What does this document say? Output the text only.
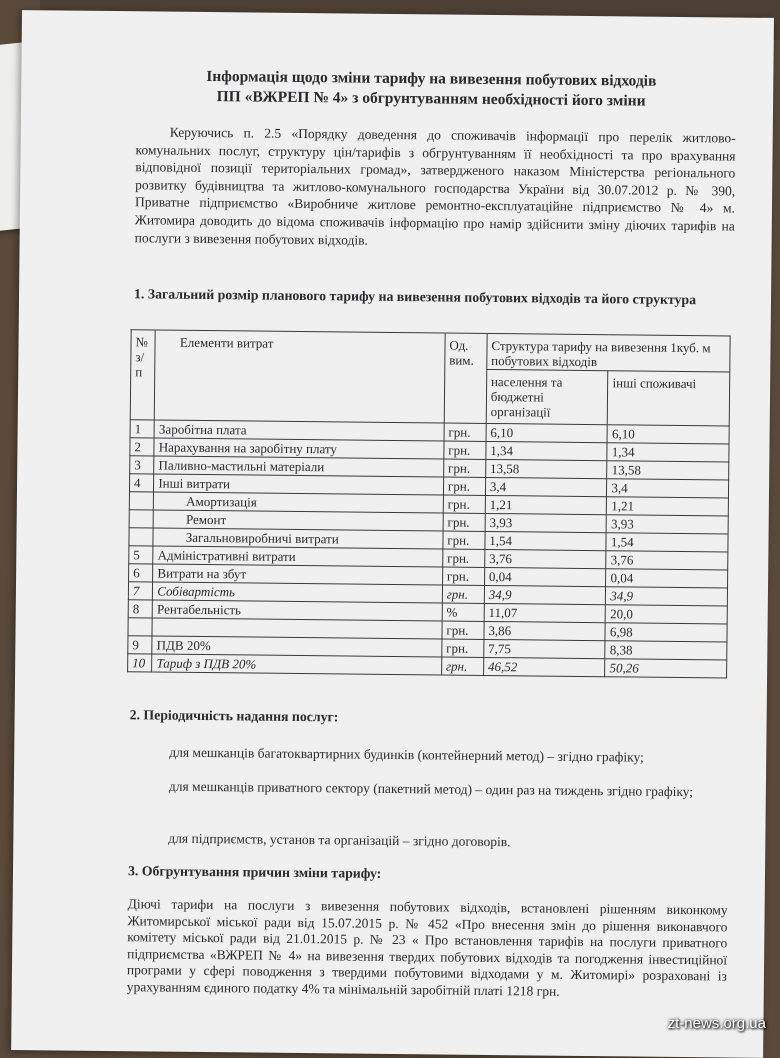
Інформація щодо зміни тарифу на вивезення побутових відходів
ПП «ВЖРЕП № 4» з обгрунтуванням необхідності його зміни
Керуючись п. 2.5 «Порядку доведення до споживачів інформації про перелік житлово-комунальних послуг, структуру цін/тарифів з обгрунтуванням її необхідності та про врахування відповідної позиції територіальних громад», затвердженого наказом Міністерства регіонального розвитку будівництва та житлово-комунального господарства України від 30.07.2012 р. № 390, Приватне підприємство «Виробниче житлове ремонтно-експлуатаційне підприємство № 4» м. Житомира доводить до відома споживачів інформацію про намір здійснити зміну діючих тарифів на послуги з вивезення побутових відходів.
1. Загальний розмір планового тарифу на вивезення побутових відходів та його структура
№ з/п	Елементи витрат	Од. вим.	Структура тарифу на вивезення 1куб. м побутових відходів	
			населення та бюджетні організації	інші споживачі
1	Заробітна плата	грн.	6,10	6,10
2	Нарахування на заробітну плату	грн.	1,34	1,34
3	Паливно-мастильні матеріали	грн.	13,58	13,58
4	Інші витрати	грн.	3,4	3,4
	Амортизація	грн.	1,21	1,21
	Ремонт	грн.	3,93	3,93
	Загальновиробничі витрати	грн.	1,54	1,54
5	Адміністративні витрати	грн.	3,76	3,76
6	Витрати на збут	грн.	0,04	0,04
7	Собівартість	грн.	34,9	34,9
8	Рентабельність	%	11,07	20,0
		грн.	3,86	6,98
9	ПДВ 20%	грн.	7,75	8,38
10	Тариф з ПДВ 20%	грн.	46,52	50,26
2. Періодичність надання послуг:
для мешканців багатоквартирних будинків (контейнерний метод) – згідно графіку;
для мешканців приватного сектору (пакетний метод) – один раз на тиждень згідно графіку;
для підприємств, установ та організацій – згідно договорів.
3. Обгрунтування причин зміни тарифу:
Діючі тарифи на послуги з вивезення побутових відходів, встановлені рішенням виконкому Житомирської міської ради від 15.07.2015 р. № 452 «Про внесення змін до рішення виконавчого комітету міської ради від 21.01.2015 р. № 23 « Про встановлення тарифів на послуги приватного підприємства «ВЖРЕП № 4» на вивезення твердих побутових відходів та погодження інвестиційної програми у сфері поводження з твердими побутовими відходами у м. Житомирі» розраховані із урахуванням єдиного податку 4% та мінімальній заробітній платі 1218 грн.
zt-news.org.ua
